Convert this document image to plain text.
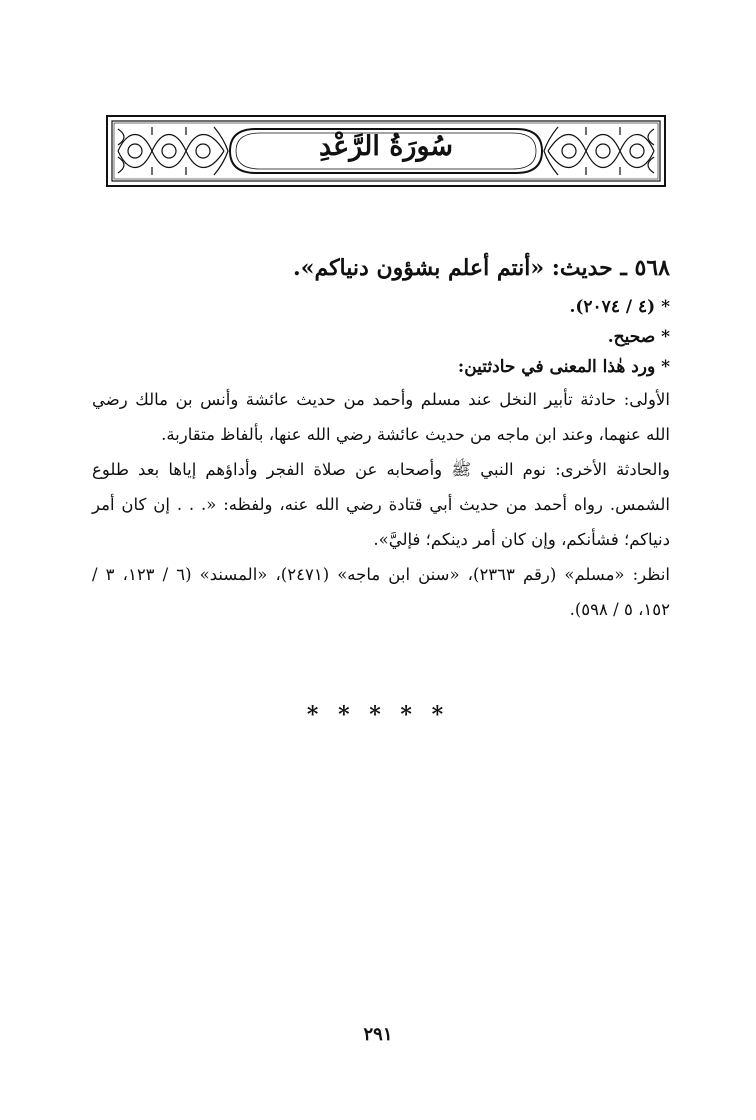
سُورَةُ الرَّعْدِ

٥٦٨ ـ حديث: «أنتم أعلم بشؤون دنياكم».

* (٤ / ٢٠٧٤).

* صحيح.

* ورد هٰذا المعنى في حادثتين:

الأولى: حادثة تأبير النخل عند مسلم وأحمد من حديث عائشة وأنس بن مالك رضي الله عنهما، وعند ابن ماجه من حديث عائشة رضي الله عنها، بألفاظ متقاربة.

والحادثة الأخرى: نوم النبي ﷺ وأصحابه عن صلاة الفجر وأداؤهم إياها بعد طلوع الشمس. رواه أحمد من حديث أبي قتادة رضي الله عنه، ولفظه: «. . . إن كان أمر دنياكم؛ فشأنكم، وإن كان أمر دينكم؛ فإليَّ».

انظر: «مسلم» (رقم ٢٣٦٣)، «سنن ابن ماجه» (٢٤٧١)، «المسند» (٦ / ١٢٣، ٣ / ١٥٢، ٥ / ٥٩٨).

* * * * *
٢٩١
